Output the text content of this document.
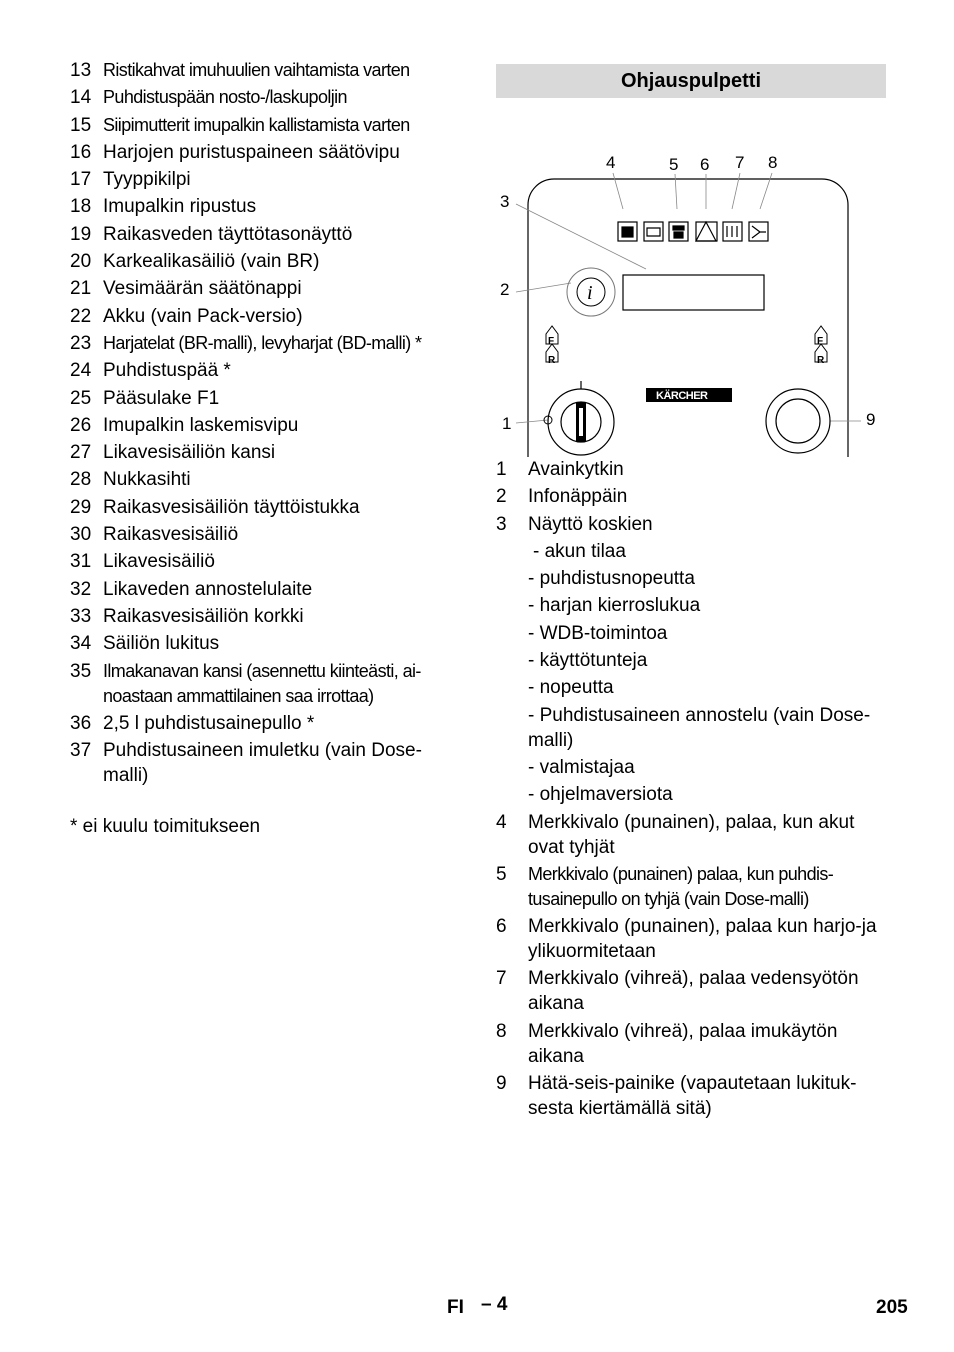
13 Ristikahvat imuhuulien vaihtamista varten
14 Puhdistuspään nosto-/laskupoljin
15 Siipimutterit imupalkin kallistamista varten
16 Harjojen puristuspaineen säätövipu
17 Tyyppikilpi
18 Imupalkin ripustus
19 Raikasveden täyttötasonäyttö
20 Karkealikasäiliö (vain BR)
21 Vesimäärän säätönappi
22 Akku (vain Pack-versio)
23 Harjatelat (BR-malli), levyharjat (BD-malli) *
24 Puhdistuspää *
25 Pääsulake F1
26 Imupalkin laskemisvipu
27 Likavesisäiliön kansi
28 Nukkasihti
29 Raikasvesisäiliön täyttöistukka
30 Raikasvesisäiliö
31 Likavesisäiliö
32 Likaveden annostelulaite
33 Raikasvesisäiliön korkki
34 Säiliön lukitus
35 Ilmakanavan kansi (asennettu kiinteästi, ai-noastaan ammattilainen saa irrottaa)
36 2,5 l puhdistusainepullo *
37 Puhdistusaineen imuletku (vain Dose-malli)
* ei kuulu toimitukseen
Ohjauspulpetti
4	5 6 7 8
3
2
1	9
i
F
R
F
R
KÄRCHER
1	Avainkytkin
2	Infonäppäin
3	Näyttö koskien
- akun tilaa
- puhdistusnopeutta
- harjan kierroslukua
- WDB-toimintoa
- käyttötunteja
- nopeutta
- Puhdistusaineen annostelu (vain Dose-malli)
- valmistajaa
- ohjelmaversiota
4	Merkkivalo (punainen), palaa, kun akut ovat tyhjät
5	Merkkivalo (punainen) palaa, kun puhdis-tusainepullo on tyhjä (vain Dose-malli)
6	Merkkivalo (punainen), palaa kun harjo-ja ylikuormitetaan
7	Merkkivalo (vihreä), palaa vedensyötön aikana
8	Merkkivalo (vihreä), palaa imukäytön aikana
9	Hätä-seis-painike (vapautetaan lukituk-sesta kiertämällä sitä)
FI – 4	205
